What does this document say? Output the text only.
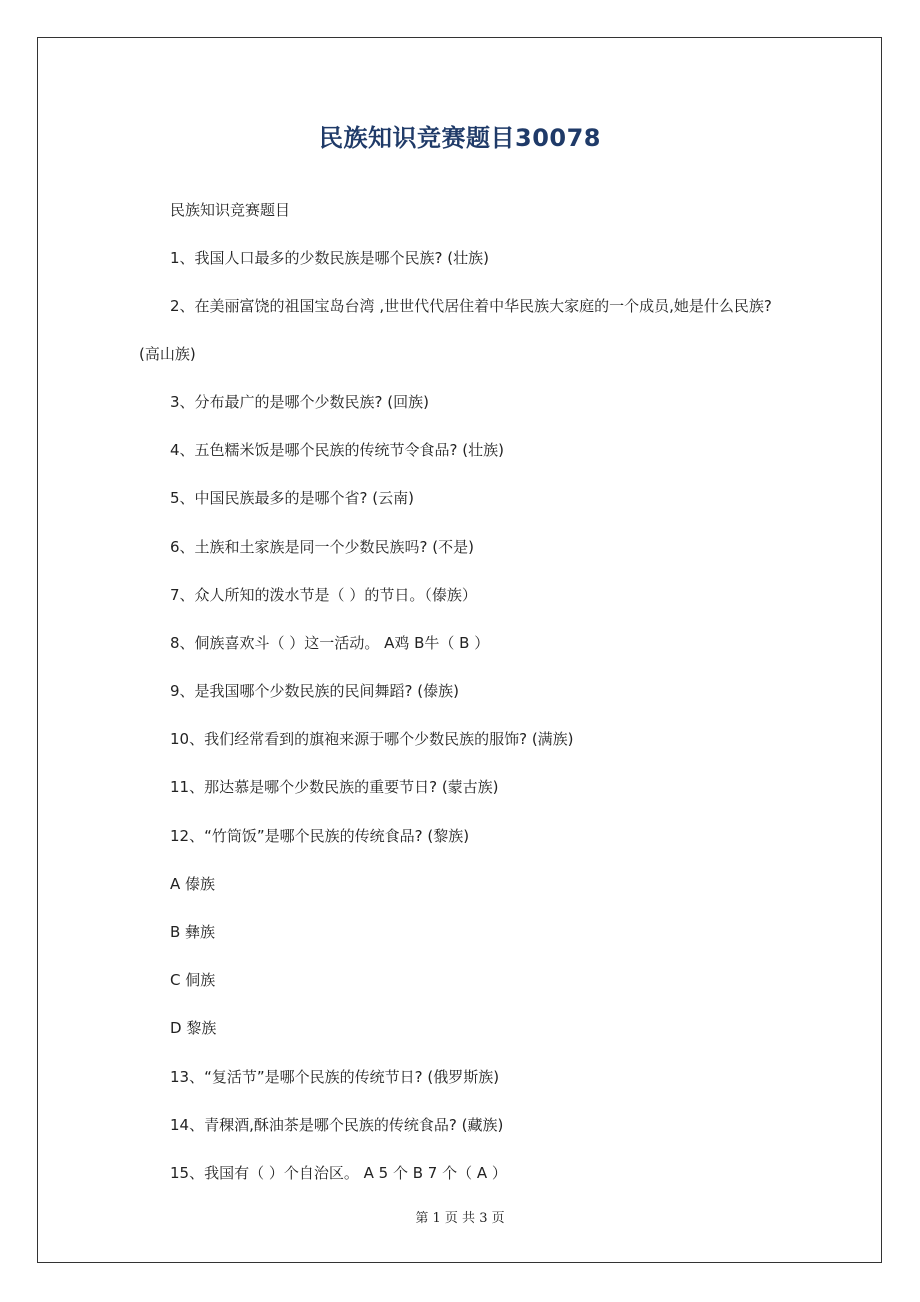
民族知识竞赛题目30078
民族知识竞赛题目
1、我国人口最多的少数民族是哪个民族? (壮族)
2、在美丽富饶的祖国宝岛台湾 ,世世代代居住着中华民族大家庭的一个成员,她是什么民族?
(高山族)
3、分布最广的是哪个少数民族? (回族)
4、五色糯米饭是哪个民族的传统节令食品? (壮族)
5、中国民族最多的是哪个省? (云南)
6、土族和土家族是同一个少数民族吗? (不是)
7、众人所知的泼水节是（ ）的节日。（傣族）
8、侗族喜欢斗（ ）这一活动。 A鸡 B牛（ B ）
9、是我国哪个少数民族的民间舞蹈? (傣族)
10、我们经常看到的旗袍来源于哪个少数民族的服饰? (满族)
11、那达慕是哪个少数民族的重要节日? (蒙古族)
12、“竹筒饭”是哪个民族的传统食品? (黎族)
A 傣族
B 彝族
C 侗族
D 黎族
13、“复活节”是哪个民族的传统节日? (俄罗斯族)
14、青稞酒,酥油茶是哪个民族的传统食品? (藏族)
15、我国有（ ）个自治区。 A 5 个 B 7 个（ A ）
第 1 页 共 3 页
